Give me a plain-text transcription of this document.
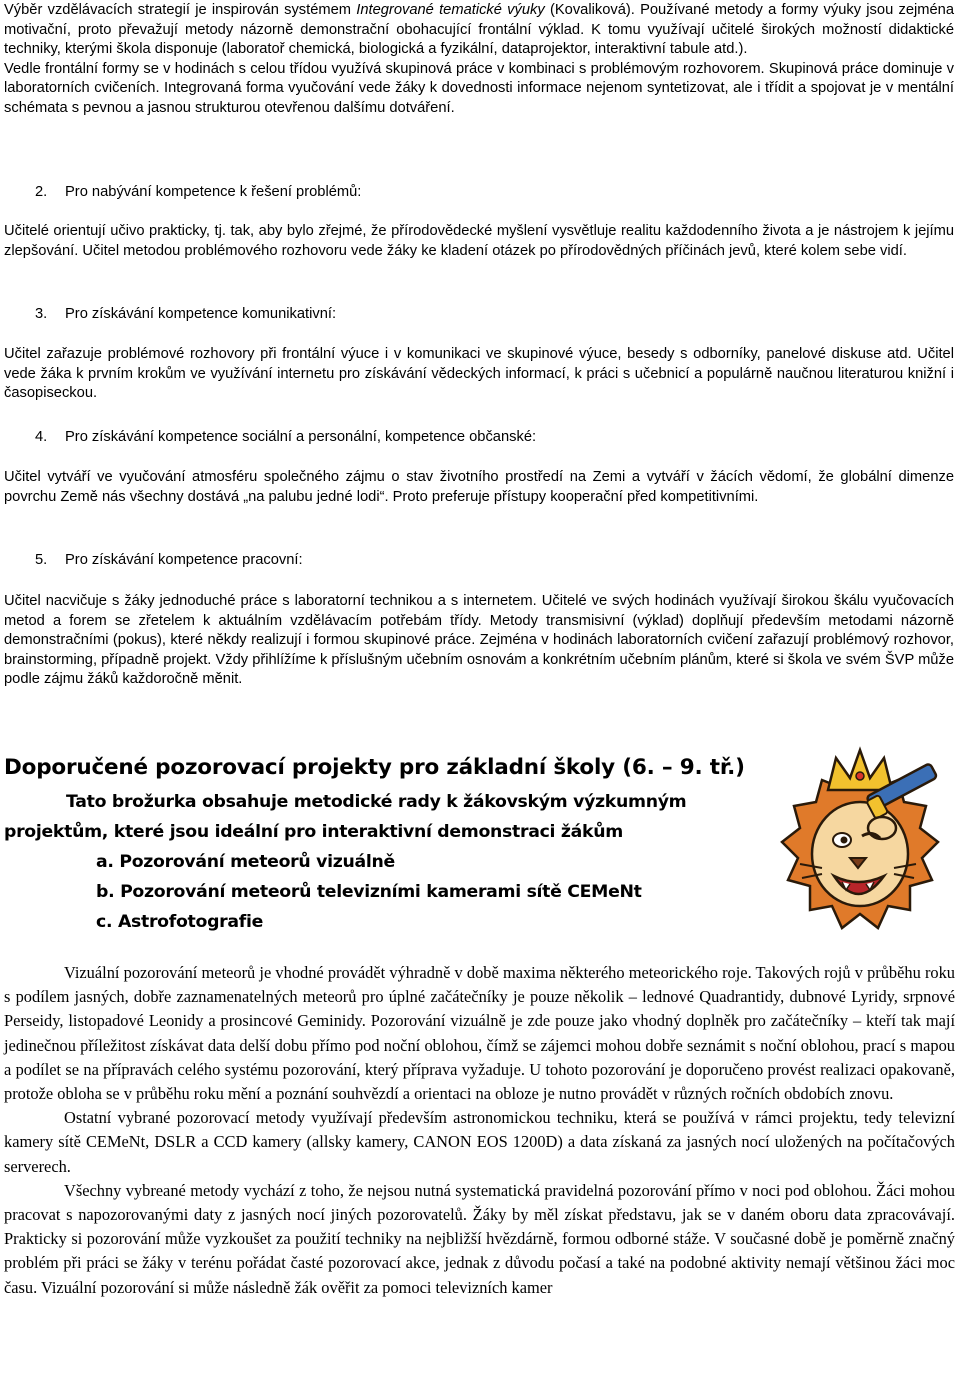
Výběr vzdělávacích strategií je inspirován systémem Integrované tematické výuky (Kovaliková). Používané metody a formy výuky jsou zejména motivační, proto převažují metody názorně demonstrační obohacující frontální výklad. K tomu využívají učitelé širokých možností didaktické techniky, kterými škola disponuje (laboratoř chemická, biologická a fyzikální, dataprojektor, interaktivní tabule atd.).

Vedle frontální formy se v hodinách s celou třídou využívá skupinová práce v kombinaci s problémovým rozhovorem. Skupinová práce dominuje v laboratorních cvičeních. Integrovaná forma vyučování vede žáky k dovednosti informace nejenom syntetizovat, ale i třídit a spojovat je v mentální schémata s pevnou a jasnou strukturou otevřenou dalšímu dotváření.

2. Pro nabývání kompetence k řešení problémů:

Učitelé orientují učivo prakticky, tj. tak, aby bylo zřejmé, že přírodovědecké myšlení vysvětluje realitu každodenního života a je nástrojem k jejímu zlepšování. Učitel metodou problémového rozhovoru vede žáky ke kladení otázek po přírodovědných příčinách jevů, které kolem sebe vidí.

3. Pro získávání kompetence komunikativní:

Učitel zařazuje problémové rozhovory při frontální výuce i v komunikaci ve skupinové výuce, besedy s odborníky, panelové diskuse atd. Učitel vede žáka k prvním krokům ve využívání internetu pro získávání vědeckých informací, k práci s učebnicí a populárně naučnou literaturou knižní i časopiseckou.

4. Pro získávání kompetence sociální a personální, kompetence občanské:

Učitel vytváří ve vyučování atmosféru společného zájmu o stav životního prostředí na Zemi a vytváří v žácích vědomí, že globální dimenze povrchu Země nás všechny dostává „na palubu jedné lodi“. Proto preferuje přístupy kooperační před kompetitivními.

5. Pro získávání kompetence pracovní:

Učitel nacvičuje s žáky jednoduché práce s laboratorní technikou a s internetem. Učitelé ve svých hodinách využívají širokou škálu vyučovacích metod a forem se zřetelem k aktuálním vzdělávacím potřebám třídy. Metody transmisivní (výklad) doplňují především metodami názorně demonstračními (pokus), které někdy realizují i formou skupinové práce. Zejména v hodinách laboratorních cvičení zařazují problémový rozhovor, brainstorming, případně projekt. Vždy přihlížíme k příslušným učebním osnovám a konkrétním učebním plánům, které si škola ve svém ŠVP může podle zájmu žáků každoročně měnit.

Doporučené pozorovací projekty pro základní školy (6. – 9. tř.)
Tato brožurka obsahuje metodické rady k žákovským výzkumným
projektům, které jsou ideální pro interaktivní demonstraci žákům
a. Pozorování meteorů vizuálně
b. Pozorování meteorů televizními kamerami sítě CEMeNt
c. Astrofotografie

Vizuální pozorování meteorů je vhodné provádět výhradně v době maxima některého meteorického roje. Takových rojů v průběhu roku s podílem jasných, dobře zaznamenatelných meteorů pro úplné začátečníky je pouze několik – lednové Quadrantidy, dubnové Lyridy, srpnové Perseidy, listopadové Leonidy a prosincové Geminidy. Pozorování vizuálně je zde pouze jako vhodný doplněk pro začátečníky – kteří tak mají jedinečnou příležitost získávat data delší dobu přímo pod noční oblohou, čímž se zájemci mohou dobře seznámit s noční oblohou, prací s mapou a podílet se na přípravách celého systému pozorování, který příprava vyžaduje. U tohoto pozorování je doporučeno provést realizaci opakovaně, protože obloha se v průběhu roku mění a poznání souhvězdí a orientaci na obloze je nutno provádět v různých ročních obdobích znovu.

Ostatní vybrané pozorovací metody využívají především astronomickou techniku, která se používá v rámci projektu, tedy televizní kamery sítě CEMeNt, DSLR a CCD kamery (allsky kamery, CANON EOS 1200D) a data získaná za jasných nocí uložených na počítačových serverech.

Všechny vybreané metody vychází z toho, že nejsou nutná systematická pravidelná pozorování přímo v noci pod oblohou. Žáci mohou pracovat s napozorovanými daty z jasných nocí jiných pozorovatelů. Žáky by měl získat představu, jak se v daném oboru data zpracovávají. Prakticky si pozorování může vyzkoušet za použití techniky na nejbližší hvězdárně, formou odborné stáže. V současné době je poměrně značný problém při práci se žáky v terénu pořádat časté pozorovací akce, jednak z důvodu počasí a také na podobné aktivity nemají většinou žáci moc času. Vizuální pozorování si může následně žák ověřit za pomoci televizních kamer
